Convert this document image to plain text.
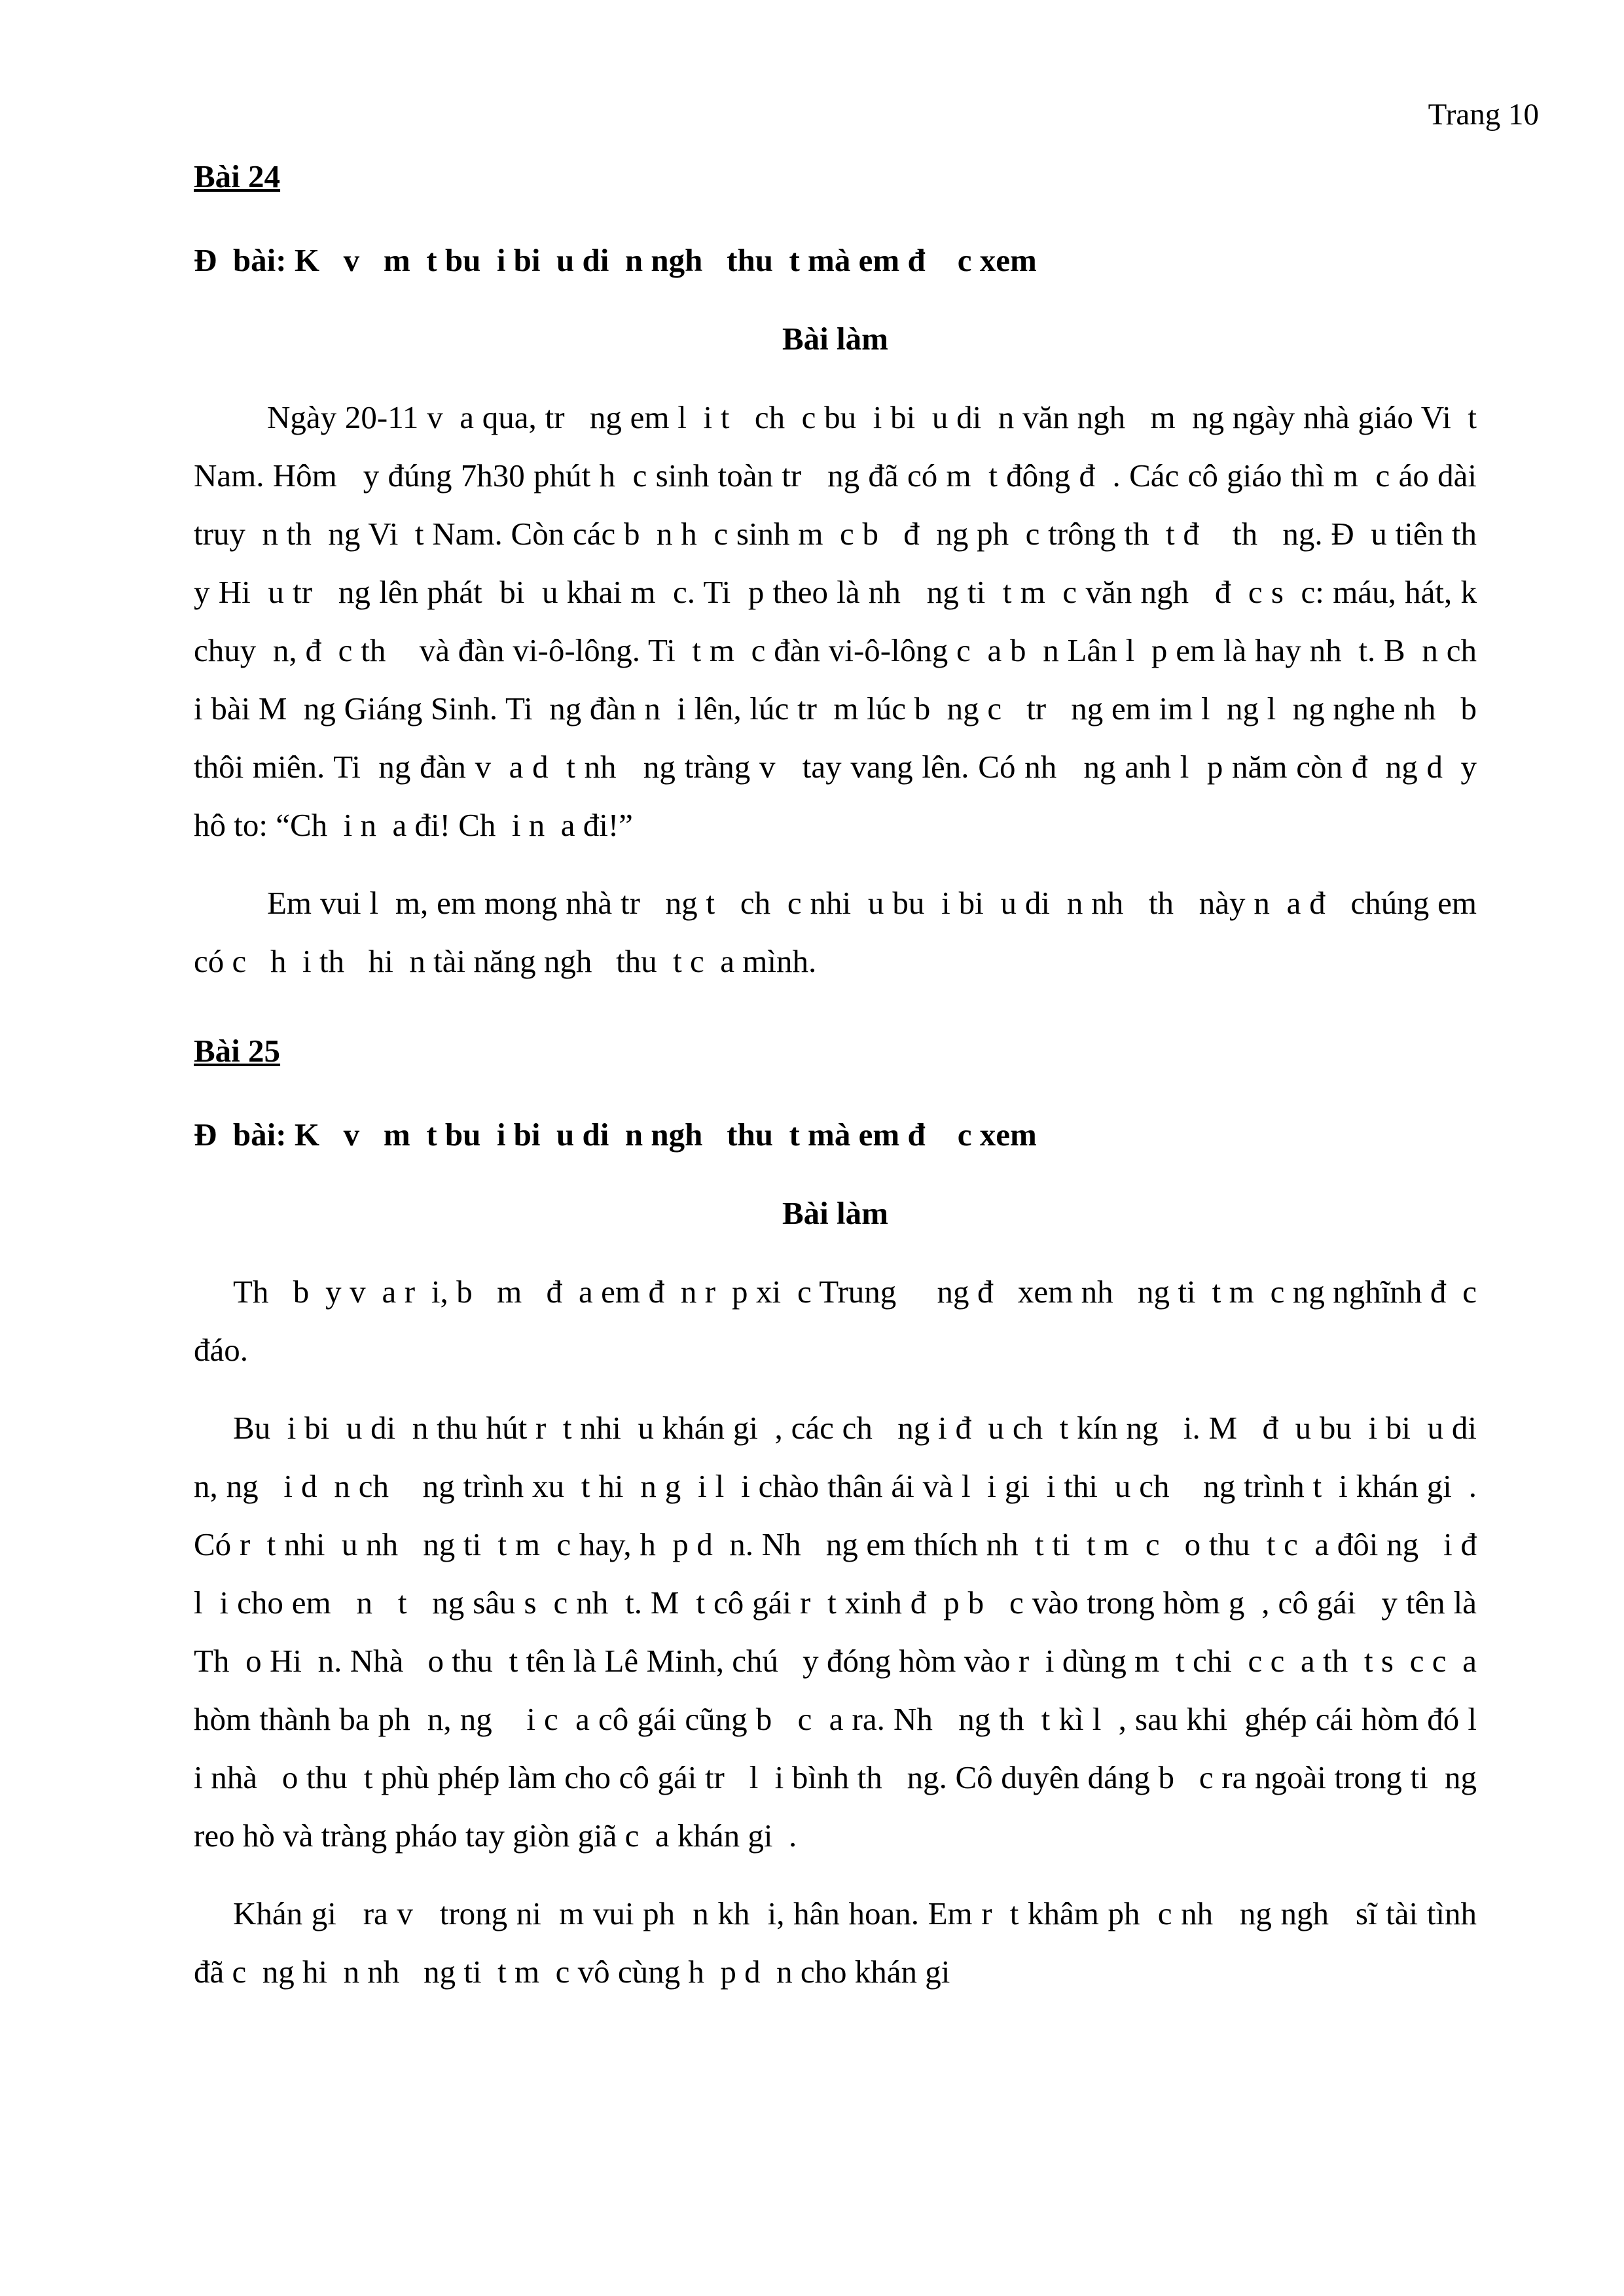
Trang 10
Bài 24
Đ  bài: K   v   m  t bu  i bi  u di  n ngh   thu  t mà em đ    c xem
Bài làm

Ngày 20-11 v  a qua, tr   ng em l  i t   ch  c bu  i bi  u di  n văn ngh   m  ng ngày nhà giáo Vi  t Nam. Hôm   y đúng 7h30 phút h  c sinh toàn tr   ng đã có m  t đông đ  . Các cô giáo thì m  c áo dài truy  n th  ng Vi  t Nam. Còn các b  n h  c sinh m  c b   đ  ng ph  c trông th  t đ    th   ng. Đ  u tiên th  y Hi  u tr   ng lên phát  bi  u khai m  c. Ti  p theo là nh   ng ti  t m  c văn ngh   đ  c s  c: máu, hát, k   chuy  n, đ  c th    và đàn vi-ô-lông. Ti  t m  c đàn vi-ô-lông c  a b  n Lân l  p em là hay nh  t. B  n ch  i bài M  ng Giáng Sinh. Ti  ng đàn n  i lên, lúc tr  m lúc b  ng c   tr   ng em im l  ng l  ng nghe nh   b   thôi miên. Ti  ng đàn v  a d  t nh   ng tràng v   tay vang lên. Có nh   ng anh l  p năm còn đ  ng d  y hô to: “Ch  i n  a đi! Ch  i n  a đi!”

Em vui l  m, em mong nhà tr   ng t   ch  c nhi  u bu  i bi  u di  n nh   th   này n  a đ   chúng em có c   h  i th   hi  n tài năng ngh   thu  t c  a mình.

Bài 25
Đ  bài: K   v   m  t bu  i bi  u di  n ngh   thu  t mà em đ    c xem
Bài làm

Th   b  y v  a r  i, b   m   đ  a em đ  n r  p xi  c Trung     ng đ   xem nh   ng ti  t m  c ng nghĩnh đ  c đáo.

Bu  i bi  u di  n thu hút r  t nhi  u khán gi  , các ch   ng i đ  u ch  t kín ng   i. M   đ  u bu  i bi  u di  n, ng   i d  n ch    ng trình xu  t hi  n g  i l  i chào thân ái và l  i gi  i thi  u ch    ng trình t  i khán gi  . Có r  t nhi  u nh   ng ti  t m  c hay, h  p d  n. Nh   ng em thích nh  t ti  t m  c   o thu  t c  a đôi ng   i đ   l  i cho em   n   t   ng sâu s  c nh  t. M  t cô gái r  t xinh đ  p b   c vào trong hòm g  , cô gái   y tên là Th  o Hi  n. Nhà   o thu  t tên là Lê Minh, chú   y đóng hòm vào r  i dùng m  t chi  c c  a th  t s  c c  a hòm thành ba ph  n, ng    i c  a cô gái cũng b   c  a ra. Nh   ng th  t kì l  , sau khi  ghép cái hòm đó l  i nhà   o thu  t phù phép làm cho cô gái tr   l  i bình th   ng. Cô duyên dáng b   c ra ngoài trong ti  ng reo hò và tràng pháo tay giòn giã c  a khán gi  .

Khán gi   ra v   trong ni  m vui ph  n kh  i, hân hoan. Em r  t khâm ph  c nh   ng ngh   sĩ tài tình đã c  ng hi  n nh   ng ti  t m  c vô cùng h  p d  n cho khán gi
